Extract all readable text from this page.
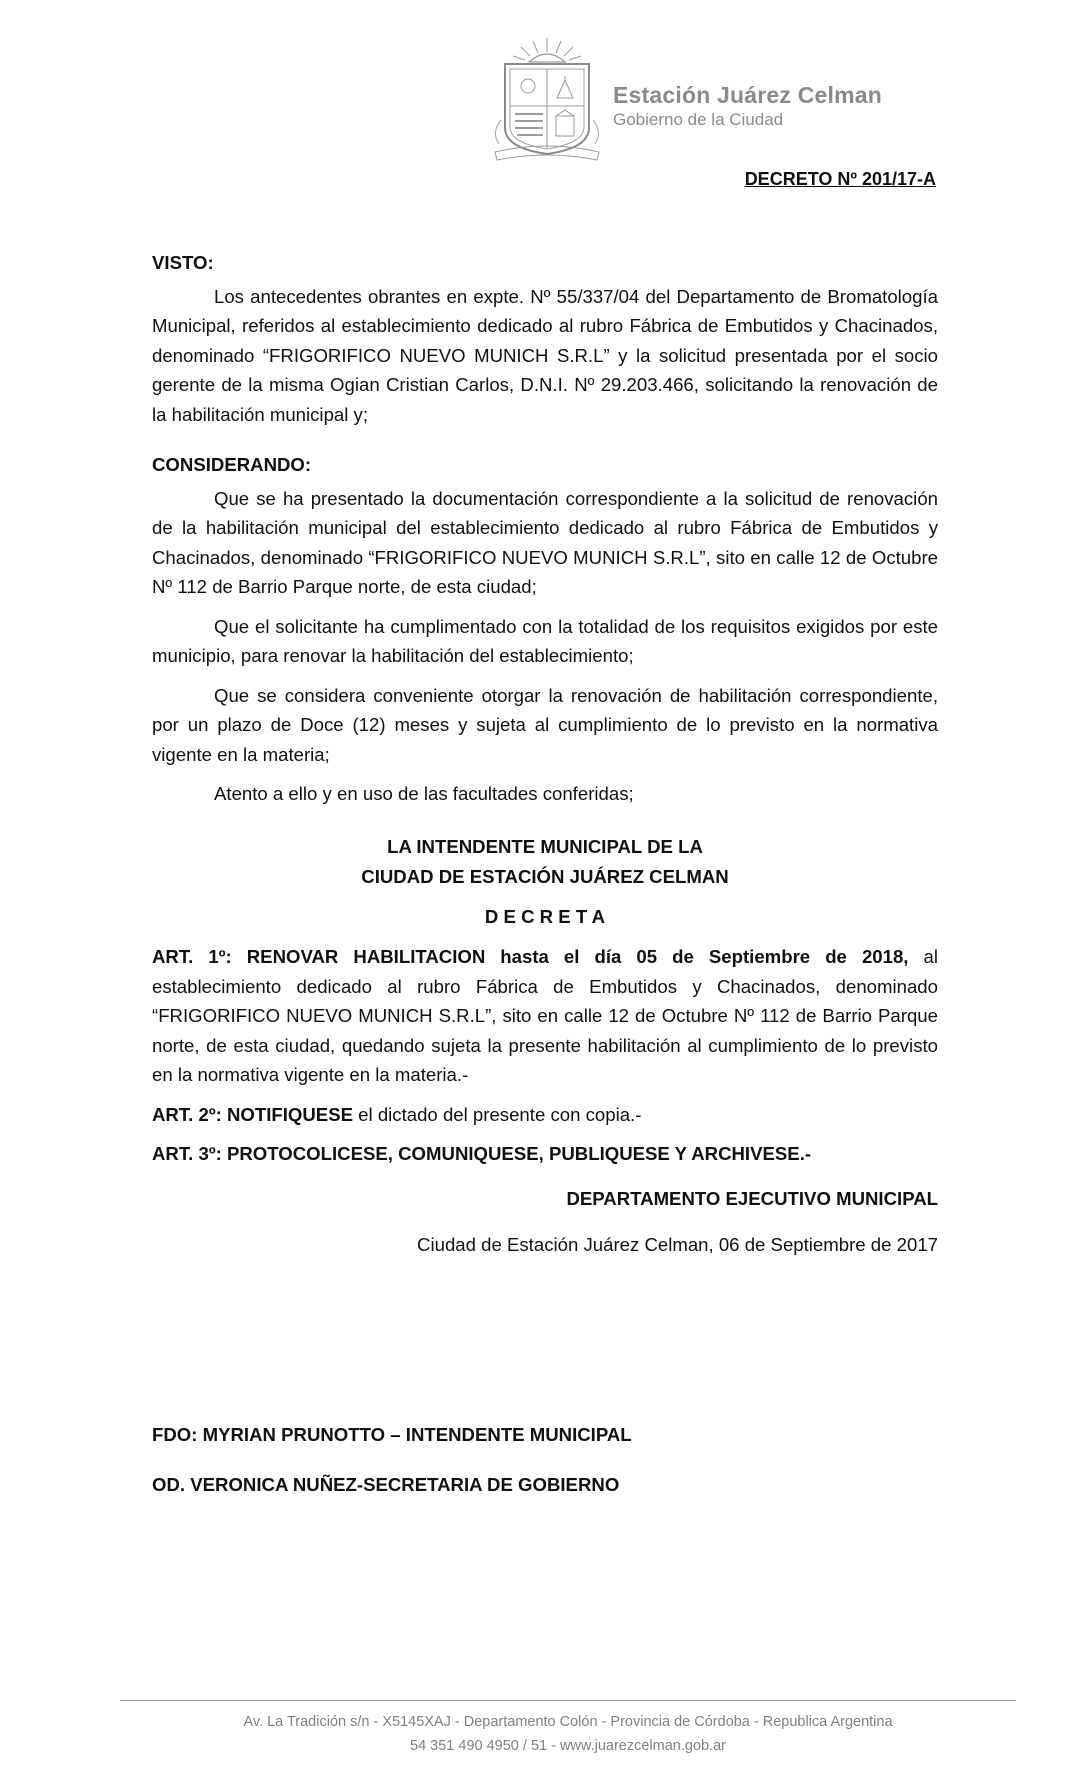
Estación Juárez Celman
Gobierno de la Ciudad
DECRETO Nº 201/17-A
VISTO:
Los antecedentes obrantes en expte. Nº 55/337/04 del Departamento de Bromatología Municipal, referidos al establecimiento dedicado al rubro Fábrica de Embutidos y Chacinados, denominado “FRIGORIFICO NUEVO MUNICH S.R.L” y la solicitud presentada por el socio gerente de la misma Ogian Cristian Carlos, D.N.I. Nº 29.203.466, solicitando la renovación de la habilitación municipal y;
CONSIDERANDO:
Que se ha presentado la documentación correspondiente a la solicitud de renovación de la habilitación municipal del establecimiento dedicado al rubro Fábrica de Embutidos y Chacinados, denominado “FRIGORIFICO NUEVO MUNICH S.R.L”, sito en calle 12 de Octubre Nº 112 de Barrio Parque norte, de esta ciudad;
Que el solicitante ha cumplimentado con la totalidad de los requisitos exigidos por este municipio, para renovar la habilitación del establecimiento;
Que se considera conveniente otorgar la renovación de habilitación correspondiente, por un plazo de Doce (12) meses y sujeta al cumplimiento de lo previsto en la normativa vigente en la materia;
Atento a ello y en uso de las facultades conferidas;
LA INTENDENTE MUNICIPAL DE LA
CIUDAD DE ESTACIÓN JUÁREZ CELMAN
D E C R E T A
ART. 1º: RENOVAR HABILITACION hasta el día 05 de Septiembre de 2018, al establecimiento dedicado al rubro Fábrica de Embutidos y Chacinados, denominado “FRIGORIFICO NUEVO MUNICH S.R.L”, sito en calle 12 de Octubre Nº 112 de Barrio Parque norte, de esta ciudad, quedando sujeta la presente habilitación al cumplimiento de lo previsto en la normativa vigente en la materia.-
ART. 2º: NOTIFIQUESE el dictado del presente con copia.-
ART. 3º: PROTOCOLICESE, COMUNIQUESE, PUBLIQUESE Y ARCHIVESE.-
DEPARTAMENTO EJECUTIVO MUNICIPAL
Ciudad de Estación Juárez Celman, 06 de Septiembre de 2017
FDO: MYRIAN PRUNOTTO – INTENDENTE MUNICIPAL
OD. VERONICA NUÑEZ-SECRETARIA DE GOBIERNO
Av. La Tradición s/n - X5145XAJ - Departamento Colón - Provincia de Córdoba - Republica Argentina
54 351 490 4950 / 51 - www.juarezcelman.gob.ar
